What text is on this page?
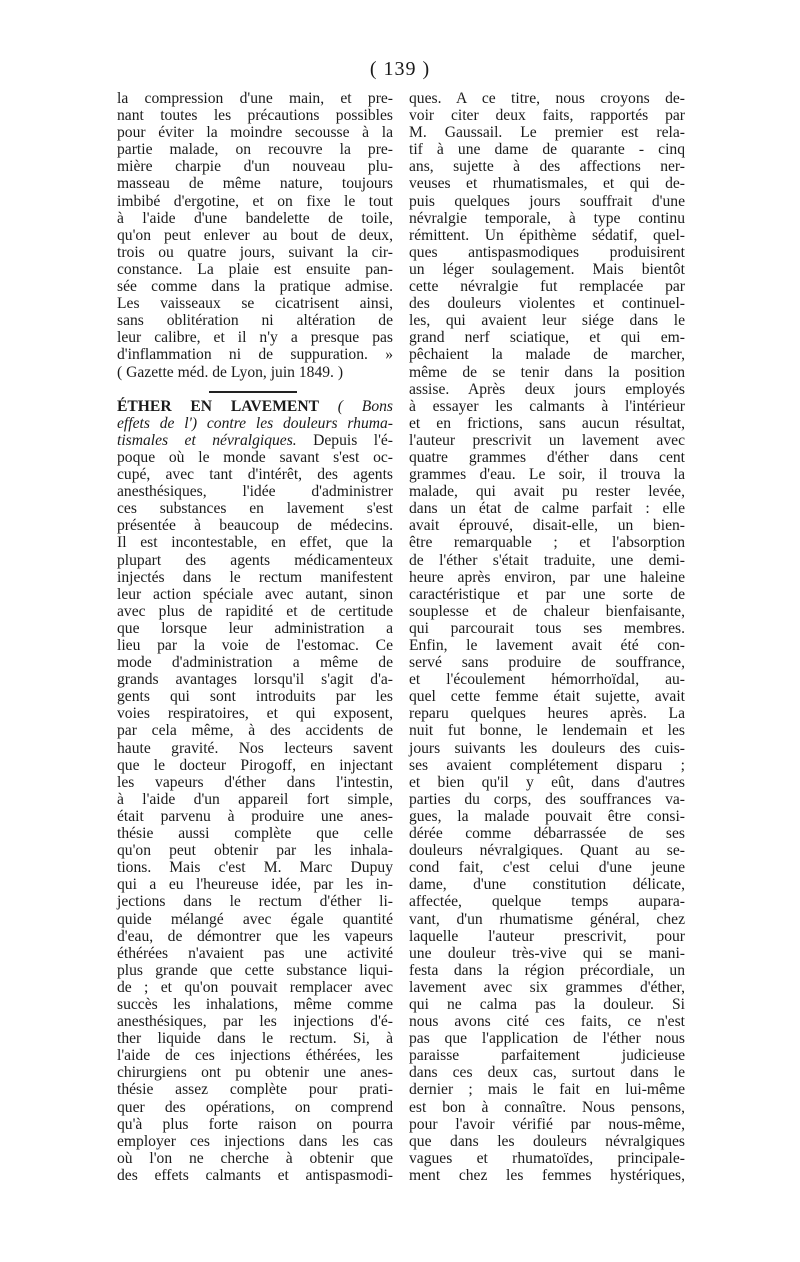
( 139 )
la compression d'une main, et pre-
nant toutes les précautions possibles
pour éviter la moindre secousse à la
partie malade, on recouvre la pre-
mière charpie d'un nouveau plu-
masseau de même nature, toujours
imbibé d'ergotine, et on fixe le tout
à l'aide d'une bandelette de toile,
qu'on peut enlever au bout de deux,
trois ou quatre jours, suivant la cir-
constance. La plaie est ensuite pan-
sée comme dans la pratique admise.
Les vaisseaux se cicatrisent ainsi,
sans oblitération ni altération de
leur calibre, et il n'y a presque pas
d'inflammation ni de suppuration. »
( Gazette méd. de Lyon, juin 1849. )
ÉTHER EN LAVEMENT ( Bons
effets de l') contre les douleurs rhuma-
tismales et névralgiques. Depuis l'é-
poque où le monde savant s'est oc-
cupé, avec tant d'intérêt, des agents
anesthésiques, l'idée d'administrer
ces substances en lavement s'est
présentée à beaucoup de médecins.
Il est incontestable, en effet, que la
plupart des agents médicamenteux
injectés dans le rectum manifestent
leur action spéciale avec autant, sinon
avec plus de rapidité et de certitude
que lorsque leur administration a
lieu par la voie de l'estomac. Ce
mode d'administration a même de
grands avantages lorsqu'il s'agit d'a-
gents qui sont introduits par les
voies respiratoires, et qui exposent,
par cela même, à des accidents de
haute gravité. Nos lecteurs savent
que le docteur Pirogoff, en injectant
les vapeurs d'éther dans l'intestin,
à l'aide d'un appareil fort simple,
était parvenu à produire une anes-
thésie aussi complète que celle
qu'on peut obtenir par les inhala-
tions. Mais c'est M. Marc Dupuy
qui a eu l'heureuse idée, par les in-
jections dans le rectum d'éther li-
quide mélangé avec égale quantité
d'eau, de démontrer que les vapeurs
éthérées n'avaient pas une activité
plus grande que cette substance liqui-
de ; et qu'on pouvait remplacer avec
succès les inhalations, même comme
anesthésiques, par les injections d'é-
ther liquide dans le rectum. Si, à
l'aide de ces injections éthérées, les
chirurgiens ont pu obtenir une anes-
thésie assez complète pour prati-
quer des opérations, on comprend
qu'à plus forte raison on pourra
employer ces injections dans les cas
où l'on ne cherche à obtenir que
des effets calmants et antispasmodi-
ques. A ce titre, nous croyons de-
voir citer deux faits, rapportés par
M. Gaussail. Le premier est rela-
tif à une dame de quarante - cinq
ans, sujette à des affections ner-
veuses et rhumatismales, et qui de-
puis quelques jours souffrait d'une
névralgie temporale, à type continu
rémittent. Un épithème sédatif, quel-
ques antispasmodiques produisirent
un léger soulagement. Mais bientôt
cette névralgie fut remplacée par
des douleurs violentes et continuel-
les, qui avaient leur siége dans le
grand nerf sciatique, et qui em-
pêchaient la malade de marcher,
même de se tenir dans la position
assise. Après deux jours employés
à essayer les calmants à l'intérieur
et en frictions, sans aucun résultat,
l'auteur prescrivit un lavement avec
quatre grammes d'éther dans cent
grammes d'eau. Le soir, il trouva la
malade, qui avait pu rester levée,
dans un état de calme parfait : elle
avait éprouvé, disait-elle, un bien-
être remarquable ; et l'absorption
de l'éther s'était traduite, une demi-
heure après environ, par une haleine
caractéristique et par une sorte de
souplesse et de chaleur bienfaisante,
qui parcourait tous ses membres.
Enfin, le lavement avait été con-
servé sans produire de souffrance,
et l'écoulement hémorrhoïdal, au-
quel cette femme était sujette, avait
reparu quelques heures après. La
nuit fut bonne, le lendemain et les
jours suivants les douleurs des cuis-
ses avaient complétement disparu ;
et bien qu'il y eût, dans d'autres
parties du corps, des souffrances va-
gues, la malade pouvait être consi-
dérée comme débarrassée de ses
douleurs névralgiques. Quant au se-
cond fait, c'est celui d'une jeune
dame, d'une constitution délicate,
affectée, quelque temps aupara-
vant, d'un rhumatisme général, chez
laquelle l'auteur prescrivit, pour
une douleur très-vive qui se mani-
festa dans la région précordiale, un
lavement avec six grammes d'éther,
qui ne calma pas la douleur. Si
nous avons cité ces faits, ce n'est
pas que l'application de l'éther nous
paraisse parfaitement judicieuse
dans ces deux cas, surtout dans le
dernier ; mais le fait en lui-même
est bon à connaître. Nous pensons,
pour l'avoir vérifié par nous-même,
que dans les douleurs névralgiques
vagues et rhumatoïdes, principale-
ment chez les femmes hystériques,
